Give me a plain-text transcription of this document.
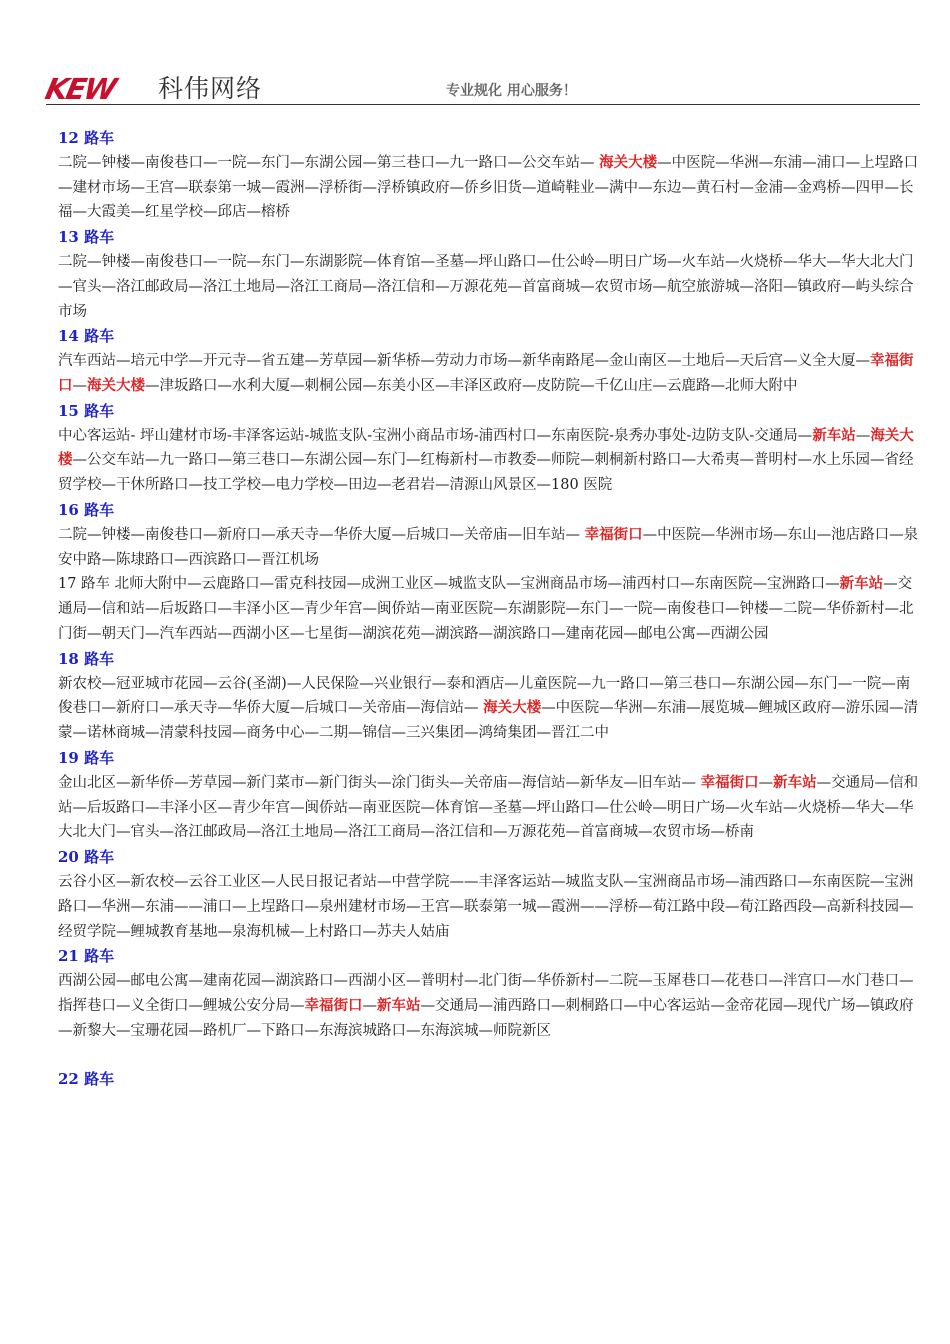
KEW 科伟网络	专业规化 用心服务！
12 路车

二院—钟楼—南俊巷口—一院—东门—东湖公园—第三巷口—九一路口—公交车站— 海关大楼—中医院—华洲—东浦—浦口—上埕路口—建材市场—王宫—联泰第一城—霞洲—浮桥街—浮桥镇政府—侨乡旧货—道崎鞋业—满中—东边—黄石村—金浦—金鸡桥—四甲—长福—大霞美—红星学校—邱店—榕桥

13 路车

二院—钟楼—南俊巷口—一院—东门—东湖影院—体育馆—圣墓—坪山路口—仕公岭—明日广场—火车站—火烧桥—华大—华大北大门—官头—洛江邮政局—洛江土地局—洛江工商局—洛江信和—万源花苑—首富商城—农贸市场—航空旅游城—洛阳—镇政府—屿头综合市场

14 路车

汽车西站—培元中学—开元寺—省五建—芳草园—新华桥—劳动力市场—新华南路尾—金山南区—土地后—天后宫—义全大厦—幸福街口—海关大楼—津坂路口—水利大厦—刺桐公园—东美小区—丰泽区政府—皮防院—千亿山庄—云鹿路—北师大附中

15 路车

中心客运站- 坪山建材市场-丰泽客运站-城监支队-宝洲小商品市场-浦西村口—东南医院-泉秀办事处-边防支队-交通局—新车站—海关大楼—公交车站—九一路口—第三巷口—东湖公园—东门—红梅新村—市教委—师院—刺桐新村路口—大希夷—普明村—水上乐园—省经贸学校—干休所路口—技工学校—电力学校—田边—老君岩—清源山风景区—180 医院

16 路车

二院—钟楼—南俊巷口—新府口—承天寺—华侨大厦—后城口—关帝庙—旧车站— 幸福街口—中医院—华洲市场—东山—池店路口—泉安中路—陈埭路口—西滨路口—晋江机场

17 路车 北师大附中—云鹿路口—雷克科技园—成洲工业区—城监支队—宝洲商品市场—浦西村口—东南医院—宝洲路口—新车站—交通局—信和站—后坂路口—丰泽小区—青少年宫—闽侨站—南亚医院—东湖影院—东门—一院—南俊巷口—钟楼—二院—华侨新村—北门街—朝天门—汽车西站—西湖小区—七星街—湖滨花苑—湖滨路—湖滨路口—建南花园—邮电公寓—西湖公园

18 路车

新农校—冠亚城市花园—云谷(圣湖)—人民保险—兴业银行—泰和酒店—儿童医院—九一路口—第三巷口—东湖公园—东门—一院—南俊巷口—新府口—承天寺—华侨大厦—后城口—关帝庙—海信站— 海关大楼—中医院—华洲—东浦—展览城—鲤城区政府—游乐园—清蒙—诺林商城—清蒙科技园—商务中心—二期—锦信—三兴集团—鸿绮集团—晋江二中

19 路车

金山北区—新华侨—芳草园—新门菜市—新门街头—涂门街头—关帝庙—海信站—新华友—旧车站— 幸福街口—新车站—交通局—信和站—后坂路口—丰泽小区—青少年宫—闽侨站—南亚医院—体育馆—圣墓—坪山路口—仕公岭—明日广场—火车站—火烧桥—华大—华大北大门—官头—洛江邮政局—洛江土地局—洛江工商局—洛江信和—万源花苑—首富商城—农贸市场—桥南

20 路车

云谷小区—新农校—云谷工业区—人民日报记者站—中营学院——丰泽客运站—城监支队—宝洲商品市场—浦西路口—东南医院—宝洲路口—华洲—东浦——浦口—上埕路口—泉州建材市场—王宫—联泰第一城—霞洲——浮桥—荀江路中段—荀江路西段—高新科技园—经贸学院—鲤城教育基地—泉海机械—上村路口—苏夫人姑庙

21 路车

西湖公园—邮电公寓—建南花园—湖滨路口—西湖小区—普明村—北门街—华侨新村—二院—玉犀巷口—花巷口—泮宫口—水门巷口—指挥巷口—义全街口—鲤城公安分局—幸福街口—新车站—交通局—浦西路口—刺桐路口—中心客运站—金帝花园—现代广场—镇政府—新黎大—宝珊花园—路机厂—下路口—东海滨城路口—东海滨城—师院新区

22 路车
